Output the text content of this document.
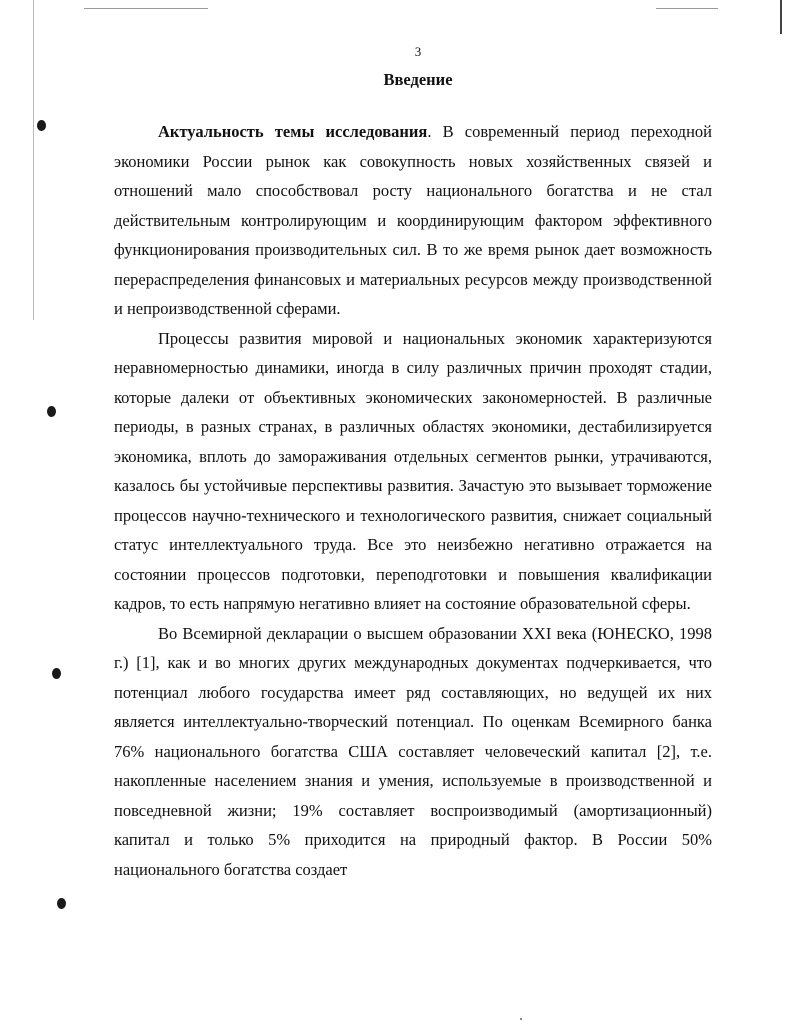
3
Введение

Актуальность темы исследования. В современный период переходной экономики России рынок как совокупность новых хозяйственных связей и отношений мало способствовал росту национального богатства и не стал действительным контролирующим и координирующим фактором эффективного функционирования производительных сил. В то же время рынок дает возможность перераспределения финансовых и материальных ресурсов между производственной и непроизводственной сферами.

Процессы развития мировой и национальных экономик характеризуются неравномерностью динамики, иногда в силу различных причин проходят стадии, которые далеки от объективных экономических закономерностей. В различные периоды, в разных странах, в различных областях экономики, дестабилизируется экономика, вплоть до замораживания отдельных сегментов рынки, утрачиваются, казалось бы устойчивые перспективы развития. Зачастую это вызывает торможение процессов научно-технического и технологического развития, снижает социальный статус интеллектуального труда. Все это неизбежно негативно отражается на состоянии процессов подготовки, переподготовки и повышения квалификации кадров, то есть напрямую негативно влияет на состояние образовательной сферы.

Во Всемирной декларации о высшем образовании XXI века (ЮНЕСКО, 1998 г.) [1], как и во многих других международных документах подчеркивается, что потенциал любого государства имеет ряд составляющих, но ведущей их них является интеллектуально-творческий потенциал. По оценкам Всемирного банка 76% национального богатства США составляет человеческий капитал [2], т.е. накопленные населением знания и умения, используемые в производственной и повседневной жизни; 19% составляет воспроизводимый (амортизационный) капитал и только 5% приходится на природный фактор. В России 50% национального богатства создает
